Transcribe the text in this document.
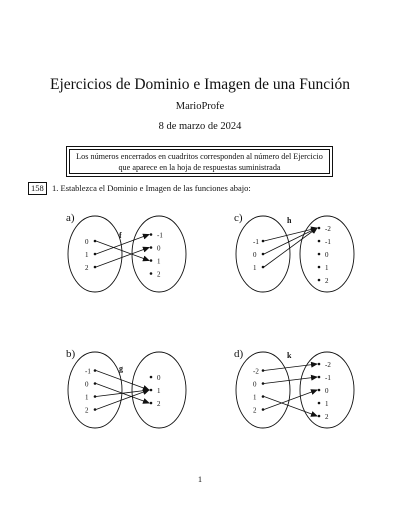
Ejercicios de Dominio e Imagen de una Función
MarioProfe
8 de marzo de 2024
Los números encerrados en cuadritos corresponden al número del Ejercicio
que aparece en la hoja de respuestas suministrada
158 1. Establezca el Dominio e Imagen de las funciones abajo:
a)
0
1
2
-1
0
1
2
f
c)
-1
0
1
-2
-1
0
1
2
h
b)
-1
0
1
2
0
1
2
g
d)
-2
0
1
2
-2
-1
0
1
2
k
1
